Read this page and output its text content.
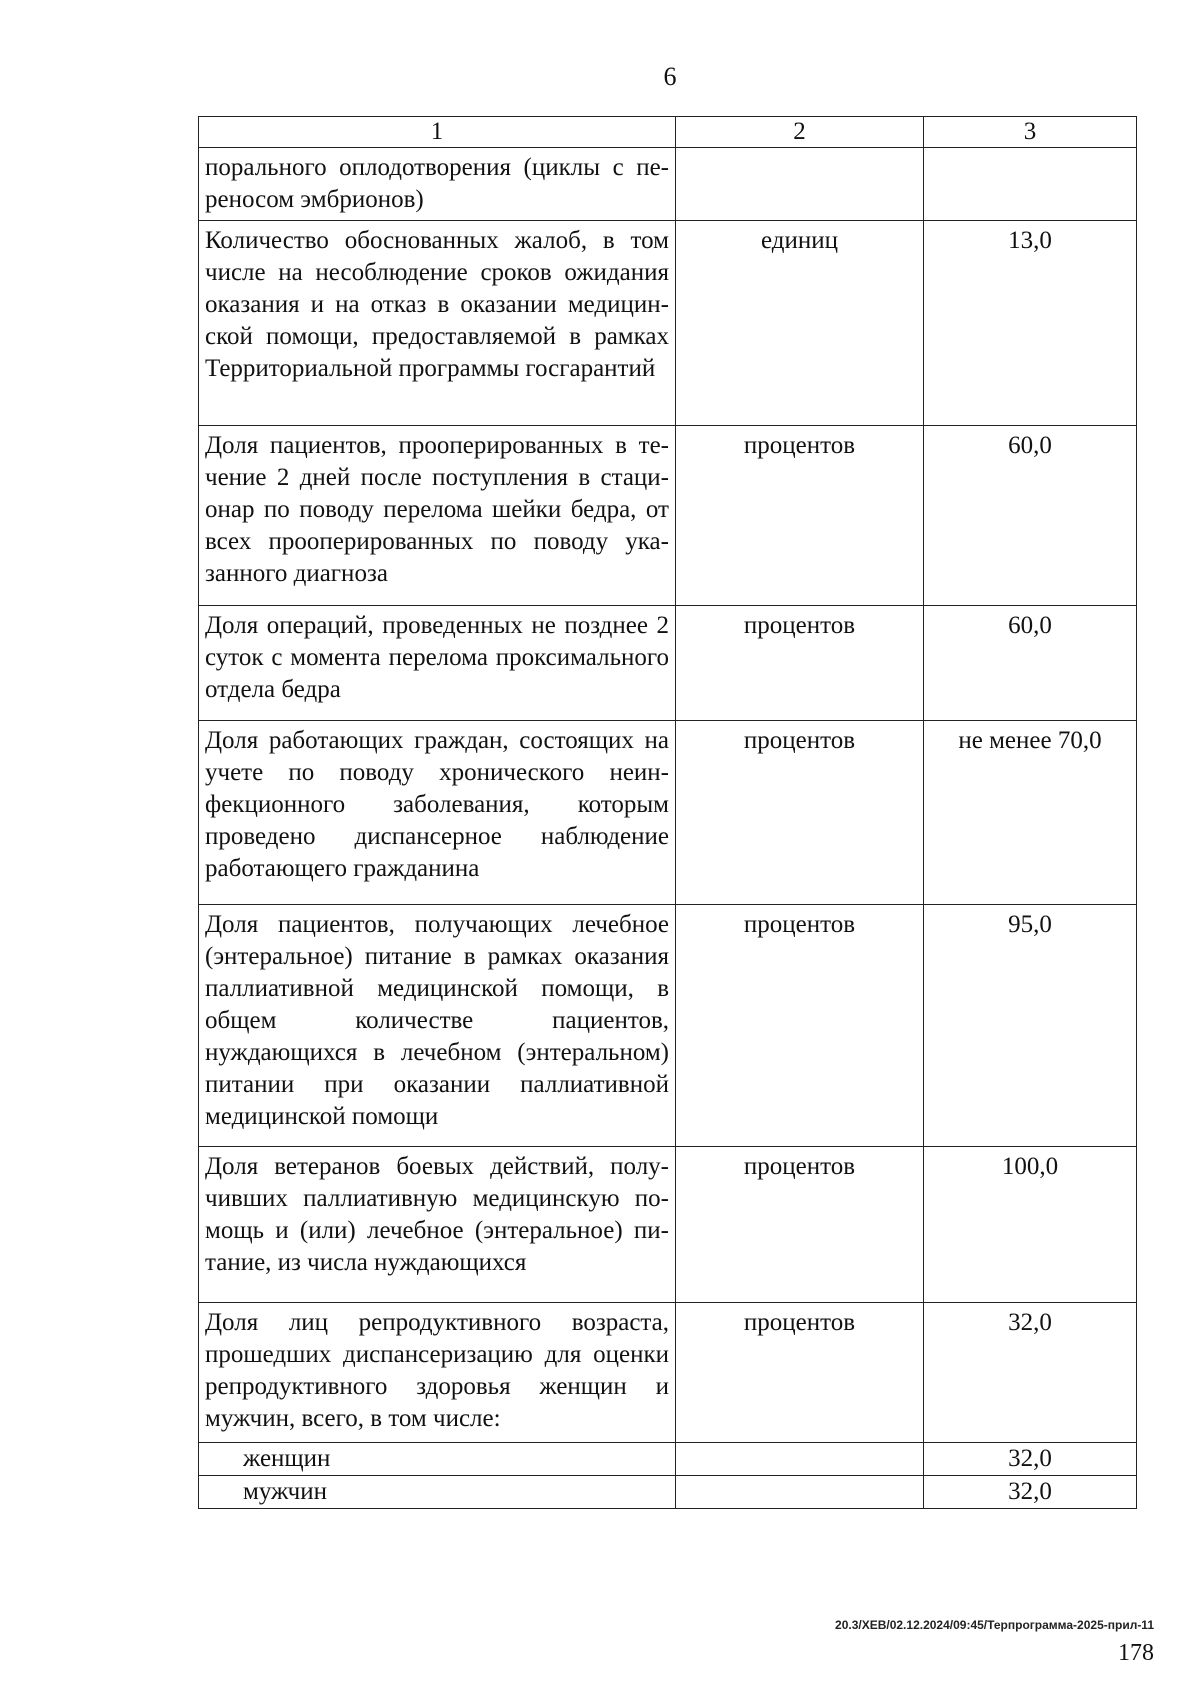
6
1	2	3
порального оплодотворения (циклы с переносом эмбрионов)		
Количество обоснованных жалоб, в том числе на несоблюдение сроков ожидания оказания и на отказ в оказании медицинской помощи, предоставляемой в рамках Территориальной программы госгарантий	единиц	13,0
Доля пациентов, прооперированных в течение 2 дней после поступления в стационар по поводу перелома шейки бедра, от всех прооперированных по поводу указанного диагноза	процентов	60,0
Доля операций, проведенных не позднее 2 суток с момента перелома проксимального отдела бедра	процентов	60,0
Доля работающих граждан, состоящих на учете по поводу хронического неинфекционного заболевания, которым проведено диспансерное наблюдение работающего гражданина	процентов	не менее 70,0
Доля пациентов, получающих лечебное (энтеральное) питание в рамках оказания паллиативной медицинской помощи, в общем количестве пациентов, нуждающихся в лечебном (энтеральном) питании при оказании паллиативной медицинской помощи	процентов	95,0
Доля ветеранов боевых действий, получивших паллиативную медицинскую помощь и (или) лечебное (энтеральное) питание, из числа нуждающихся	процентов	100,0
Доля лиц репродуктивного возраста, прошедших диспансеризацию для оценки репродуктивного здоровья женщин и мужчин, всего, в том числе:	процентов	32,0
женщин		32,0
мужчин		32,0
20.3/ХЕВ/02.12.2024/09:45/Терпрограмма-2025-прил-11
178
